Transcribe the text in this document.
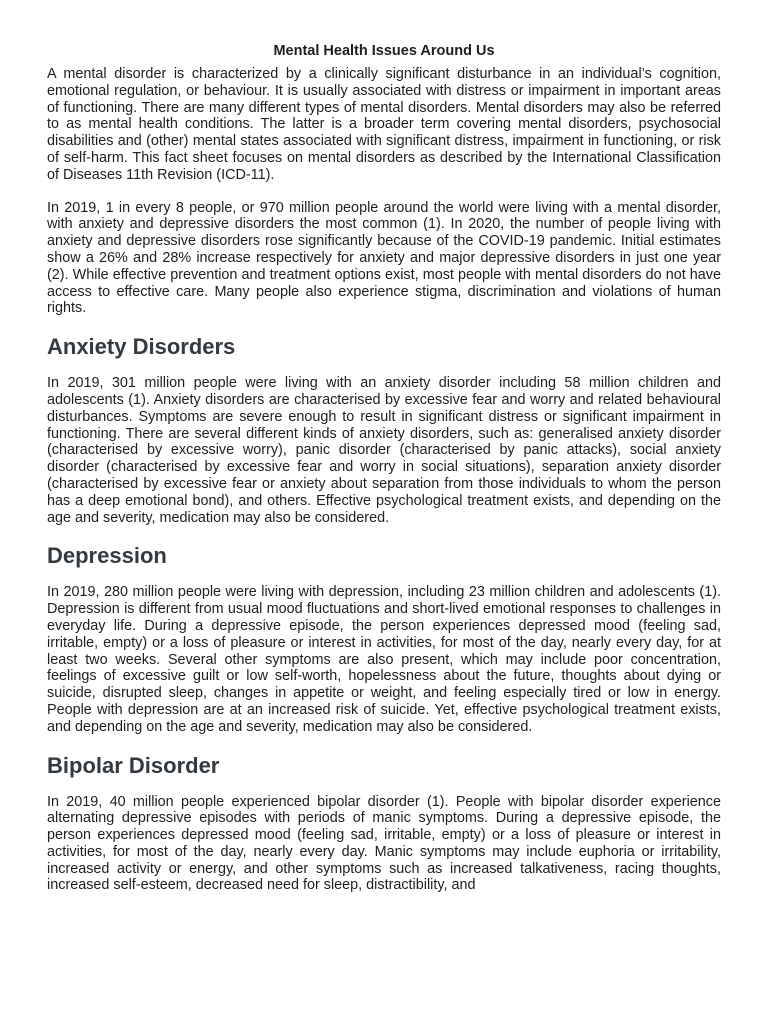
Mental Health Issues Around Us

A mental disorder is characterized by a clinically significant disturbance in an individual’s cognition, emotional regulation, or behaviour. It is usually associated with distress or impairment in important areas of functioning. There are many different types of mental disorders. Mental disorders may also be referred to as mental health conditions. The latter is a broader term covering mental disorders, psychosocial disabilities and (other) mental states associated with significant distress, impairment in functioning, or risk of self-harm. This fact sheet focuses on mental disorders as described by the International Classification of Diseases 11th Revision (ICD-11).

In 2019, 1 in every 8 people, or 970 million people around the world were living with a mental disorder, with anxiety and depressive disorders the most common (1). In 2020, the number of people living with anxiety and depressive disorders rose significantly because of the COVID-19 pandemic. Initial estimates show a 26% and 28% increase respectively for anxiety and major depressive disorders in just one year (2). While effective prevention and treatment options exist, most people with mental disorders do not have access to effective care. Many people also experience stigma, discrimination and violations of human rights.

Anxiety Disorders

In 2019, 301 million people were living with an anxiety disorder including 58 million children and adolescents (1). Anxiety disorders are characterised by excessive fear and worry and related behavioural disturbances. Symptoms are severe enough to result in significant distress or significant impairment in functioning. There are several different kinds of anxiety disorders, such as: generalised anxiety disorder (characterised by excessive worry), panic disorder (characterised by panic attacks), social anxiety disorder (characterised by excessive fear and worry in social situations), separation anxiety disorder (characterised by excessive fear or anxiety about separation from those individuals to whom the person has a deep emotional bond), and others. Effective psychological treatment exists, and depending on the age and severity, medication may also be considered.

Depression

In 2019, 280 million people were living with depression, including 23 million children and adolescents (1). Depression is different from usual mood fluctuations and short-lived emotional responses to challenges in everyday life. During a depressive episode, the person experiences depressed mood (feeling sad, irritable, empty) or a loss of pleasure or interest in activities, for most of the day, nearly every day, for at least two weeks. Several other symptoms are also present, which may include poor concentration, feelings of excessive guilt or low self-worth, hopelessness about the future, thoughts about dying or suicide, disrupted sleep, changes in appetite or weight, and feeling especially tired or low in energy. People with depression are at an increased risk of suicide. Yet, effective psychological treatment exists, and depending on the age and severity, medication may also be considered.

Bipolar Disorder

In 2019, 40 million people experienced bipolar disorder (1). People with bipolar disorder experience alternating depressive episodes with periods of manic symptoms. During a depressive episode, the person experiences depressed mood (feeling sad, irritable, empty) or a loss of pleasure or interest in activities, for most of the day, nearly every day. Manic symptoms may include euphoria or irritability, increased activity or energy, and other symptoms such as increased talkativeness, racing thoughts, increased self-esteem, decreased need for sleep, distractibility, and
